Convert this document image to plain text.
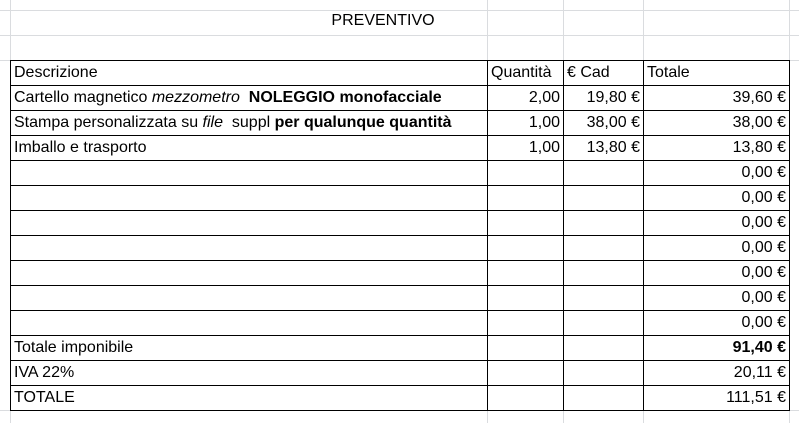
PREVENTIVO
Descrizione	Quantità	€ Cad	Totale
Cartello magnetico mezzometro  NOLEGGIO monofacciale	2,00	19,80 €	39,60 €
Stampa personalizzata su file  suppl per qualunque quantità	1,00	38,00 €	38,00 €
Imballo e trasporto	1,00	13,80 €	13,80 €
			0,00 €
			0,00 €
			0,00 €
			0,00 €
			0,00 €
			0,00 €
			0,00 €
Totale imponibile			91,40 €
IVA 22%			20,11 €
TOTALE			111,51 €
